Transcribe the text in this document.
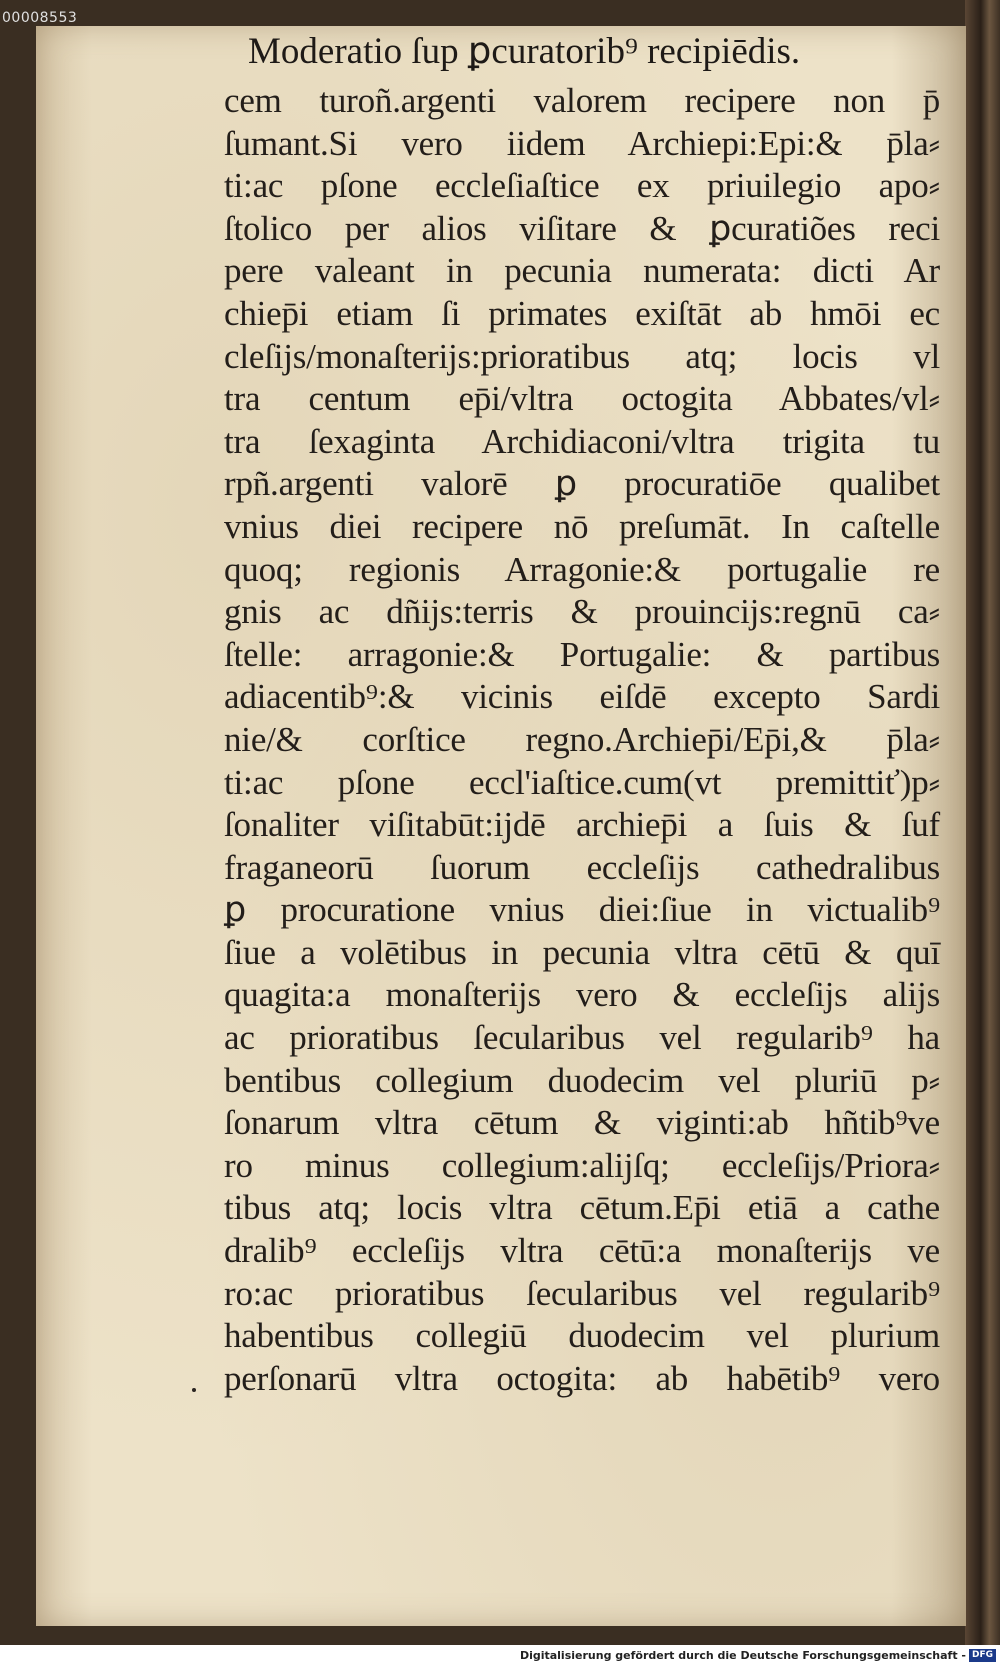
00008553
Moderatio ſup ꝑcuratorib⁹ recipiēdis.
cem turoñ.argenti valorem recipere non p̄
ſumant.Si vero iidem Archiepi:Epi:& p̄la⸗
ti:ac pſone eccleſiaſtice ex priuilegio apo⸗
ſtolico per alios viſitare & ꝑcuratiões reci
pere valeant in pecunia numerata: dicti Ar
chiep̄i etiam ſi primates exiſtāt ab hmōi ec
cleſijs/monaſterijs:prioratibus atq; locis vl
tra centum ep̄i/vltra octogita Abbates/vl⸗
tra ſexaginta Archidiaconi/vltra trigita tu
rpñ.argenti valorē ꝑ procuratiōe qualibet
vnius diei recipere nō preſumāt. In caſtelle
quoq; regionis Arragonie:& portugalie re
gnis ac dñijs:terris & prouincijs:regnū ca⸗
ſtelle: arragonie:& Portugalie: & partibus
adiacentib⁹:& vicinis eiſdē excepto Sardi
nie/& corſtice regno.Archiep̄i/Ep̄i,& p̄la⸗
ti:ac pſone eccl'iaſtice.cum(vt premittiť)p⸗
ſonaliter viſitabūt:ijdē archiep̄i a ſuis & ſuf
fraganeorū ſuorum eccleſijs cathedralibus
ꝑ procuratione vnius diei:ſiue in victualib⁹
ſiue a volētibus in pecunia vltra cētū & quī
quagita:a monaſterijs vero & eccleſijs alijs
ac prioratibus ſecularibus vel regularib⁹ ha
bentibus collegium duodecim vel pluriū p⸗
ſonarum vltra cētum & viginti:ab hñtib⁹ve
ro minus collegium:alijſq; eccleſijs/Priora⸗
tibus atq; locis vltra cētum.Ep̄i etiā a cathe
dralib⁹ eccleſijs vltra cētū:a monaſterijs ve
ro:ac prioratibus ſecularibus vel regularib⁹
habentibus collegiū duodecim vel plurium
perſonarū vltra octogita: ab habētib⁹ vero
Digitalisierung gefördert durch die Deutsche Forschungsgemeinschaft - DFG
